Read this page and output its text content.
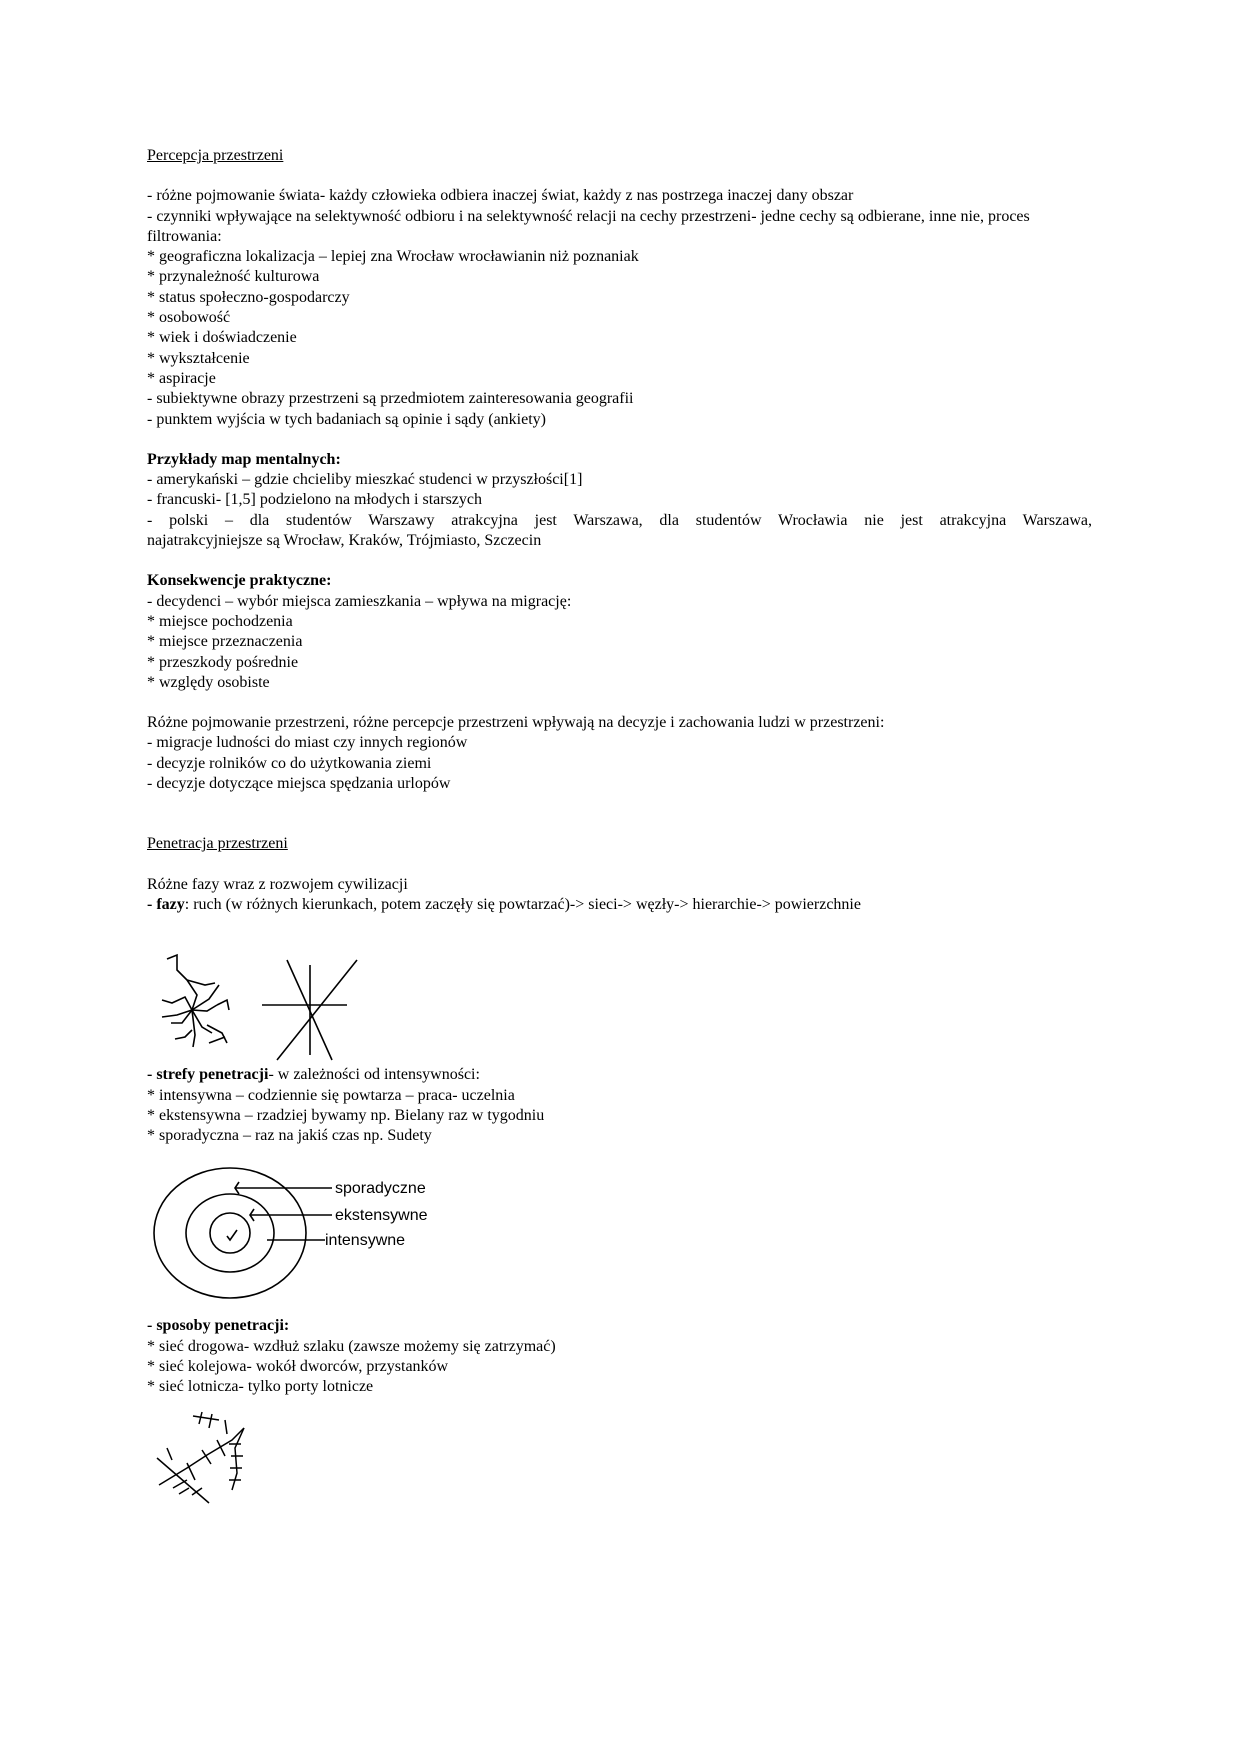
Percepcja przestrzeni
- różne pojmowanie świata- każdy człowieka odbiera inaczej świat, każdy z nas postrzega inaczej dany obszar
- czynniki wpływające na selektywność odbioru i na selektywność relacji na cechy przestrzeni- jedne cechy są odbierane, inne nie, proces filtrowania:
* geograficzna lokalizacja – lepiej zna Wrocław wrocławianin niż poznaniak
* przynależność kulturowa
* status społeczno-gospodarczy
* osobowość
* wiek i doświadczenie
* wykształcenie
* aspiracje
- subiektywne obrazy przestrzeni są przedmiotem zainteresowania geografii
- punktem wyjścia w tych badaniach są opinie i sądy (ankiety)
Przykłady map mentalnych:
- amerykański – gdzie chcieliby mieszkać studenci w przyszłości[1]
- francuski- [1,5] podzielono na młodych i starszych
- polski – dla studentów Warszawy atrakcyjna jest Warszawa, dla studentów Wrocławia nie jest atrakcyjna Warszawa,
najatrakcyjniejsze są Wrocław, Kraków, Trójmiasto, Szczecin
Konsekwencje praktyczne:
- decydenci – wybór miejsca zamieszkania – wpływa na migrację:
* miejsce pochodzenia
* miejsce przeznaczenia
* przeszkody pośrednie
* względy osobiste
Różne pojmowanie przestrzeni, różne percepcje przestrzeni wpływają na decyzje i zachowania ludzi w przestrzeni:
- migracje ludności do miast czy innych regionów
- decyzje rolników co do użytkowania ziemi
- decyzje dotyczące miejsca spędzania urlopów
Penetracja przestrzeni
Różne fazy wraz z rozwojem cywilizacji
- fazy: ruch (w różnych kierunkach, potem zaczęły się powtarzać)-> sieci-> węzły-> hierarchie-> powierzchnie
- strefy penetracji- w zależności od intensywności:
* intensywna – codziennie się powtarza – praca- uczelnia
* ekstensywna – rzadziej bywamy np. Bielany raz w tygodniu
* sporadyczna – raz na jakiś czas np. Sudety
sporadyczne
ekstensywne
intensywne
- sposoby penetracji:
* sieć drogowa- wzdłuż szlaku (zawsze możemy się zatrzymać)
* sieć kolejowa- wokół dworców, przystanków
* sieć lotnicza- tylko porty lotnicze
